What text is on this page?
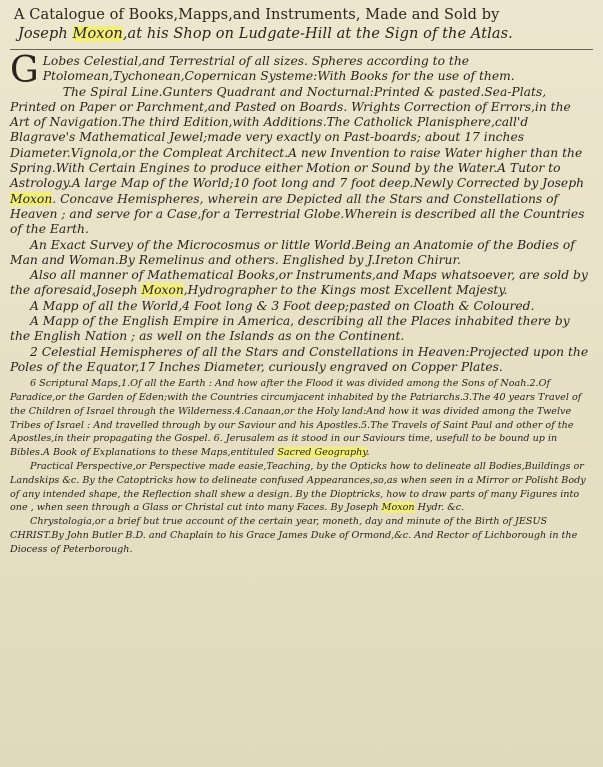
A Catalogue of Books,Mapps,and Instruments, Made and Sold by
Joseph Moxon,at his Shop on Ludgate-Hill at the Sign of the Atlas.

G Lobes Celestial,and Terrestrial of all sizes. Spheres according to the Ptolomean,Tychonean,Copernican Systeme:With Books for the use of them.

The Spiral Line.Gunters Quadrant and Nocturnal:Printed & pasted.Sea-Plats, Printed on Paper or Parchment,and Pasted on Boards. Wrights Correction of Errors,in the Art of Navigation.The third Edition,with Additions.The Catholick Planisphere,call'd Blagrave's Mathematical Jewel;made very exactly on Past-boards; about 17 inches Diameter.Vignola,or the Compleat Architect.A new Invention to raise Water higher than the Spring.With Certain Engines to produce either Motion or Sound by the Water.A Tutor to Astrology.A large Map of the World;10 foot long and 7 foot deep.Newly Corrected by Joseph Moxon. Concave Hemispheres, wherein are Depicted all the Stars and Constellations of Heaven ; and serve for a Case,for a Terrestrial Globe.Wherein is described all the Countries of the Earth.

An Exact Survey of the Microcosmus or little World.Being an Anatomie of the Bodies of Man and Woman.By Remelinus and others. Englished by J.Ireton Chirur.

Also all manner of Mathematical Books,or Instruments,and Maps whatsoever, are sold by the aforesaid,Joseph Moxon,Hydrographer to the Kings most Excellent Majesty.

A Mapp of all the World,4 Foot long & 3 Foot deep;pasted on Cloath & Coloured.

A Mapp of the English Empire in America, describing all the Places inhabited there by the English Nation ; as well on the Islands as on the Continent.

2 Celestial Hemispheres of all the Stars and Constellations in Heaven:Projected upon the Poles of the Equator,17 Inches Diameter, curiously engraved on Copper Plates.

6 Scriptural Maps,1.Of all the Earth : And how after the Flood it was divided among the Sons of Noah.2.Of Paradice,or the Garden of Eden;with the Countries circumjacent inhabited by the Patriarchs.3.The 40 years Travel of the Children of Israel through the Wilderness.4.Canaan,or the Holy land:And how it was divided among the Twelve Tribes of Israel : And travelled through by our Saviour and his Apostles.5.The Travels of Saint Paul and other of the Apostles,in their propagating the Gospel. 6. Jerusalem as it stood in our Saviours time, usefull to be bound up in Bibles.A Book of Explanations to these Maps,entituled Sacred Geography.

Practical Perspective,or Perspective made easie,Teaching, by the Opticks how to delineate all Bodies,Buildings or Landskips &c. By the Catoptricks how to delineate confused Appearances,so,as when seen in a Mirror or Polisht Body of any intended shape, the Reflection shall shew a design. By the Dioptricks, how to draw parts of many Figures into one , when seen through a Glass or Christal cut into many Faces. By Joseph Moxon Hydr. &c.

Chrystologia,or a brief but true account of the certain year, moneth, day and minute of the Birth of JESUS CHRIST.By John Butler B.D. and Chaplain to his Grace James Duke of Ormond,&c. And Rector of Lichborough in the Diocess of Peterborough.
